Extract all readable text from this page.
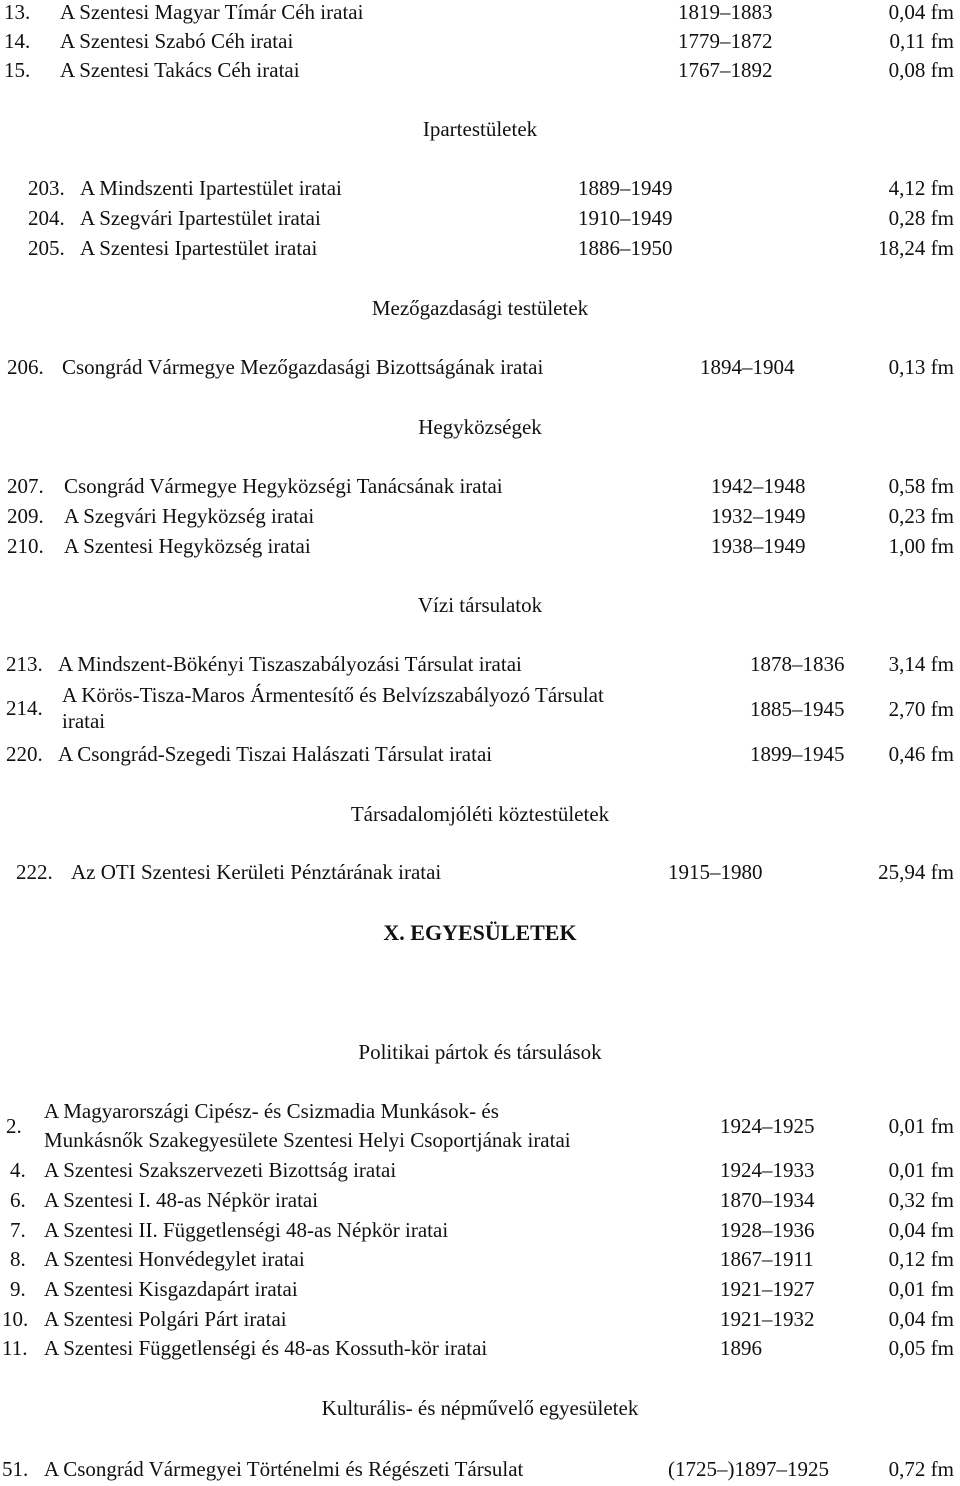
13. A Szentesi Magyar Tímár Céh iratai	1819–1883	0,04 fm
14. A Szentesi Szabó Céh iratai	1779–1872	0,11 fm
15. A Szentesi Takács Céh iratai	1767–1892	0,08 fm
Ipartestületek
203. A Mindszenti Ipartestület iratai	1889–1949	4,12 fm
204. A Szegvári Ipartestület iratai	1910–1949	0,28 fm
205. A Szentesi Ipartestület iratai	1886–1950	18,24 fm
Mezőgazdasági testületek
206. Csongrád Vármegye Mezőgazdasági Bizottságának iratai	1894–1904	0,13 fm
Hegyközségek
207. Csongrád Vármegye Hegyközségi Tanácsának iratai	1942–1948	0,58 fm
209. A Szegvári Hegyközség iratai	1932–1949	0,23 fm
210. A Szentesi Hegyközség iratai	1938–1949	1,00 fm
Vízi társulatok
213. A Mindszent-Bökényi Tiszaszabályozási Társulat iratai	1878–1836 3,14 fm
214.
A Körös-Tisza-Maros Ármentesítő és Belvízszabályozó Társulat
iratai	1885–1945 2,70 fm
220. A Csongrád-Szegedi Tiszai Halászati Társulat iratai	1899–1945 0,46 fm
Társadalomjóléti köztestületek
222. Az OTI Szentesi Kerületi Pénztárának iratai	1915–1980	25,94 fm
X. EGYESÜLETEK
Politikai pártok és társulások
2.
A Magyarországi Cipész- és Csizmadia Munkások- és
Munkásnők Szakegyesülete Szentesi Helyi Csoportjának iratai
1924–1925	0,01 fm
4. A Szentesi Szakszervezeti Bizottság iratai	1924–1933	0,01 fm
6. A Szentesi I. 48-as Népkör iratai	1870–1934	0,32 fm
7. A Szentesi II. Függetlenségi 48-as Népkör iratai	1928–1936	0,04 fm
8. A Szentesi Honvédegylet iratai	1867–1911	0,12 fm
9. A Szentesi Kisgazdapárt iratai	1921–1927	0,01 fm
10. A Szentesi Polgári Párt iratai	1921–1932	0,04 fm
11. A Szentesi Függetlenségi és 48-as Kossuth-kör iratai	1896	0,05 fm
Kulturális- és népművelő egyesületek
51. A Csongrád Vármegyei Történelmi és Régészeti Társulat	(1725–)1897–1925	0,72 fm
